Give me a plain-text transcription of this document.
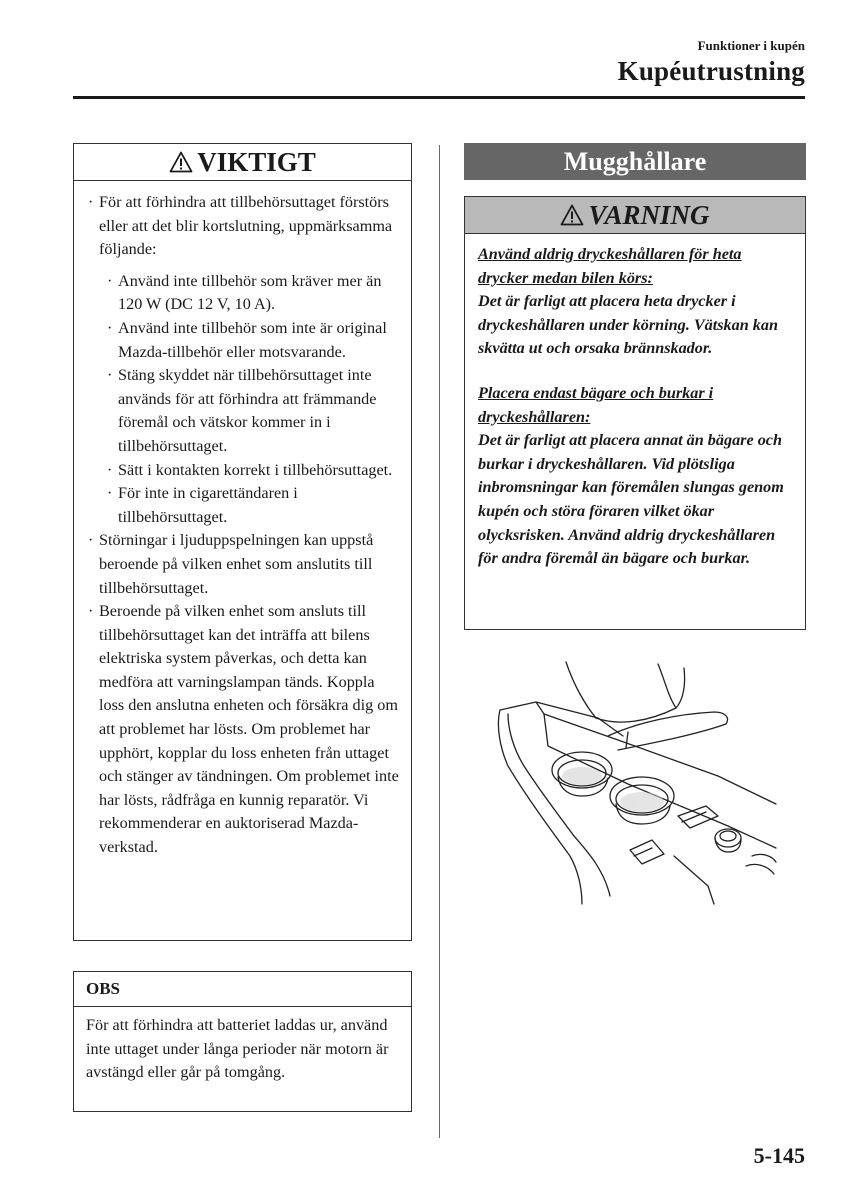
Funktioner i kupén
Kupéutrustning
VIKTIGT
· För att förhindra att tillbehörsuttaget förstörs eller att det blir kortslutning, uppmärksamma följande:
· Använd inte tillbehör som kräver mer än 120 W (DC 12 V, 10 A).
· Använd inte tillbehör som inte är original Mazda-tillbehör eller motsvarande.
· Stäng skyddet när tillbehörsuttaget inte används för att förhindra att främmande föremål och vätskor kommer in i tillbehörsuttaget.
· Sätt i kontakten korrekt i tillbehörsuttaget.
· För inte in cigarettändaren i tillbehörsuttaget.
· Störningar i ljuduppspelningen kan uppstå beroende på vilken enhet som anslutits till tillbehörsuttaget.
· Beroende på vilken enhet som ansluts till tillbehörsuttaget kan det inträffa att bilens elektriska system påverkas, och detta kan medföra att varningslampan tänds. Koppla loss den anslutna enheten och försäkra dig om att problemet har lösts. Om problemet har upphört, kopplar du loss enheten från uttaget och stänger av tändningen. Om problemet inte har lösts, rådfråga en kunnig reparatör. Vi rekommenderar en auktoriserad Mazda-verkstad.
OBS
För att förhindra att batteriet laddas ur, använd inte uttaget under långa perioder när motorn är avstängd eller går på tomgång.
Mugghållare
VARNING

Använd aldrig dryckeshållaren för heta drycker medan bilen körs:

Det är farligt att placera heta drycker i dryckeshållaren under körning. Vätskan kan skvätta ut och orsaka brännskador.

Placera endast bägare och burkar i dryckeshållaren:

Det är farligt att placera annat än bägare och burkar i dryckeshållaren. Vid plötsliga inbromsningar kan föremålen slungas genom kupén och störa föraren vilket ökar olycksrisken. Använd aldrig dryckeshållaren för andra föremål än bägare och burkar.

5-145
